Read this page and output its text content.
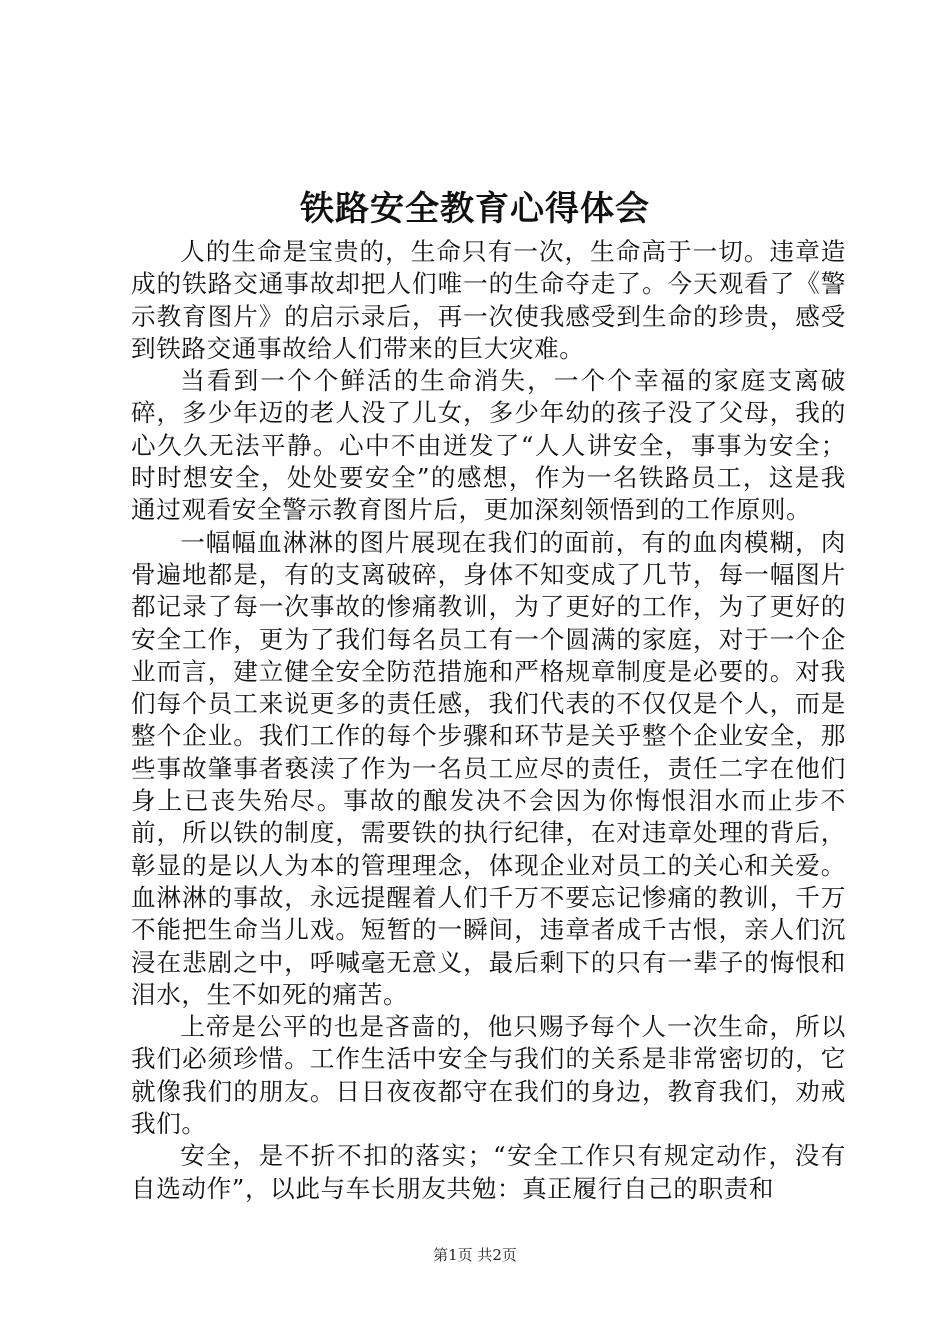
铁路安全教育心得体会

人的生命是宝贵的，生命只有一次，生命高于一切。违章造成的铁路交通事故却把人们唯一的生命夺走了。今天观看了《警示教育图片》的启示录后，再一次使我感受到生命的珍贵，感受到铁路交通事故给人们带来的巨大灾难。

当看到一个个鲜活的生命消失，一个个幸福的家庭支离破碎，多少年迈的老人没了儿女，多少年幼的孩子没了父母，我的心久久无法平静。心中不由迸发了“人人讲安全，事事为安全；时时想安全，处处要安全”的感想，作为一名铁路员工，这是我通过观看安全警示教育图片后，更加深刻领悟到的工作原则。

一幅幅血淋淋的图片展现在我们的面前，有的血肉模糊，肉骨遍地都是，有的支离破碎，身体不知变成了几节，每一幅图片都记录了每一次事故的惨痛教训，为了更好的工作，为了更好的安全工作，更为了我们每名员工有一个圆满的家庭，对于一个企业而言，建立健全安全防范措施和严格规章制度是必要的。对我们每个员工来说更多的责任感，我们代表的不仅仅是个人，而是整个企业。我们工作的每个步骤和环节是关乎整个企业安全，那些事故肇事者亵渎了作为一名员工应尽的责任，责任二字在他们身上已丧失殆尽。事故的酿发决不会因为你悔恨泪水而止步不前，所以铁的制度，需要铁的执行纪律，在对违章处理的背后，彰显的是以人为本的管理理念，体现企业对员工的关心和关爱。血淋淋的事故，永远提醒着人们千万不要忘记惨痛的教训，千万不能把生命当儿戏。短暂的一瞬间，违章者成千古恨，亲人们沉浸在悲剧之中，呼喊毫无意义，最后剩下的只有一辈子的悔恨和泪水，生不如死的痛苦。

上帝是公平的也是吝啬的，他只赐予每个人一次生命，所以我们必须珍惜。工作生活中安全与我们的关系是非常密切的，它就像我们的朋友。日日夜夜都守在我们的身边，教育我们，劝戒我们。

安全，是不折不扣的落实；“安全工作只有规定动作，没有自选动作”，以此与车长朋友共勉：真正履行自己的职责和

第1页 共2页
